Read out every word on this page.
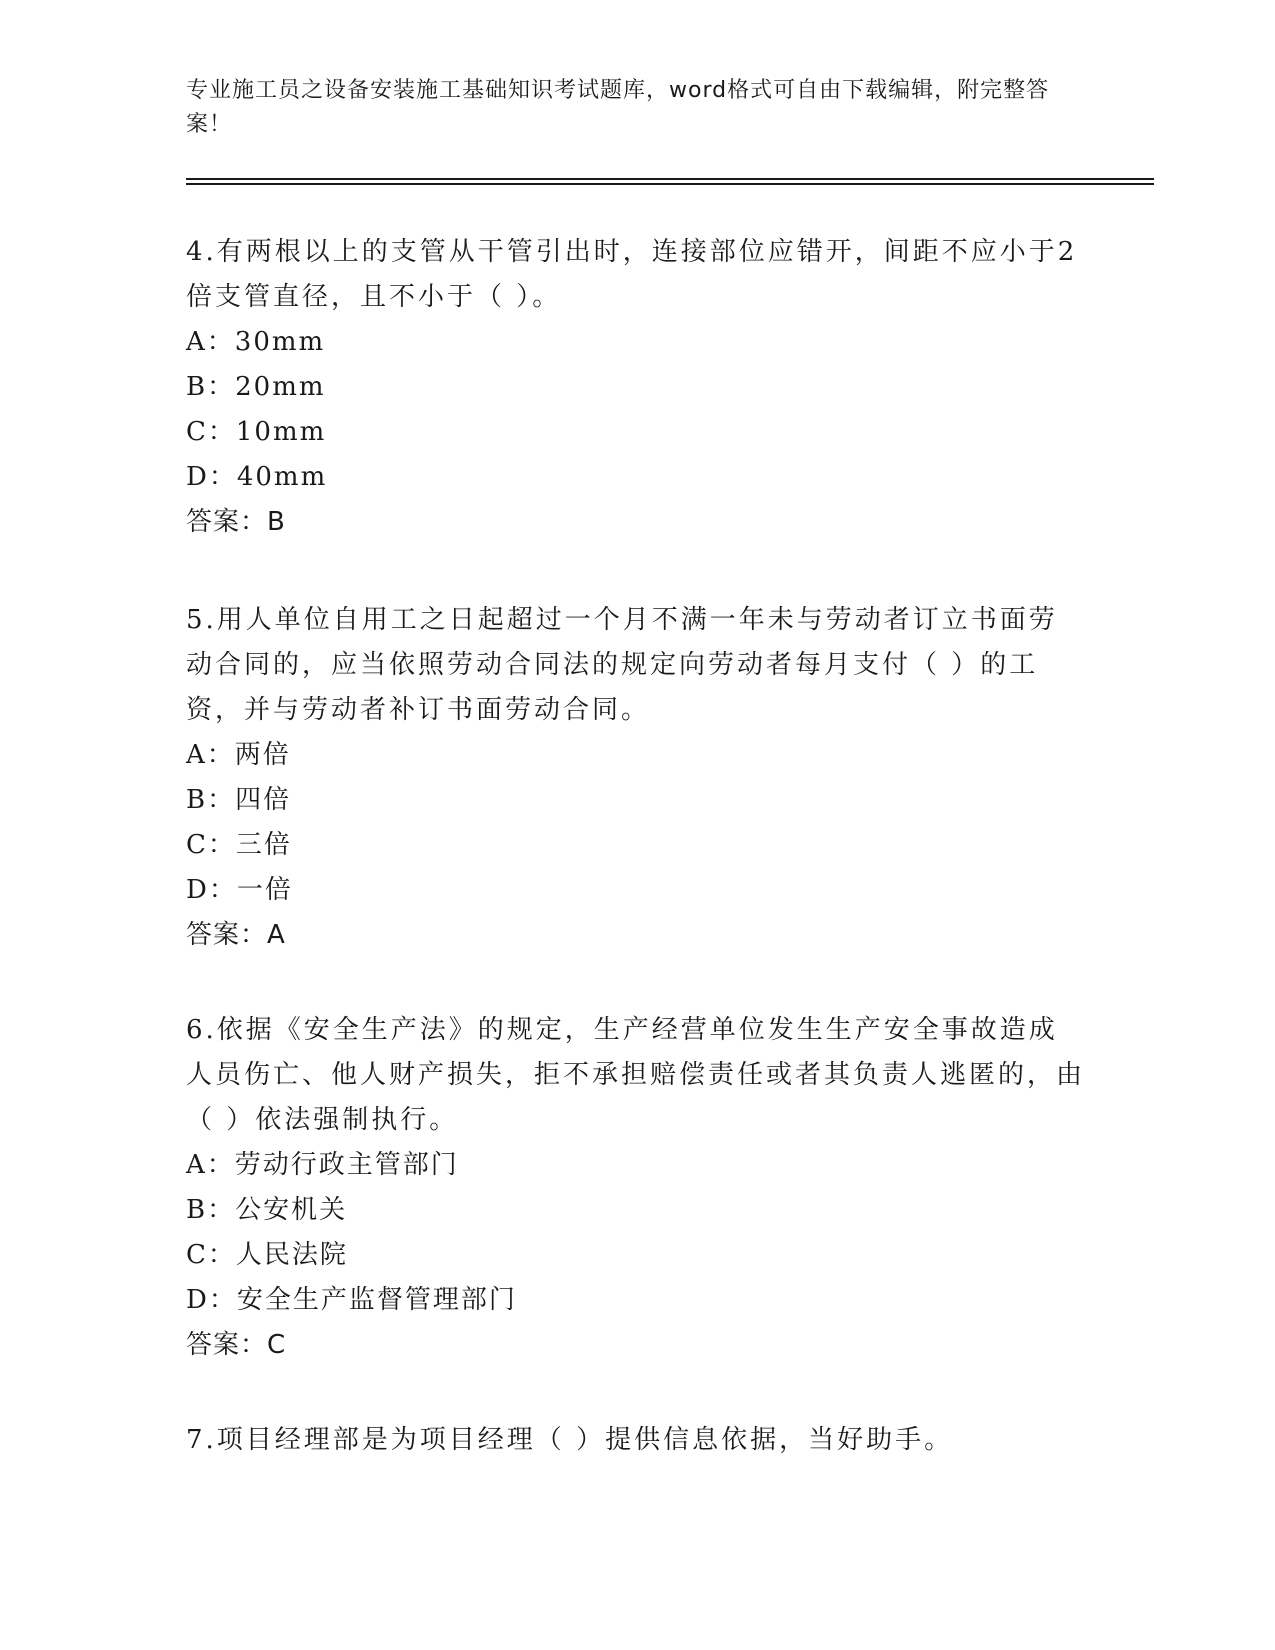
专业施工员之设备安装施工基础知识考试题库，word格式可自由下载编辑，附完整答案！

4.有两根以上的支管从干管引出时，连接部位应错开，间距不应小于2倍支管直径，且不小于（ ）。

A：30mm

B：20mm

C：10mm

D：40mm

答案：B

5.用人单位自用工之日起超过一个月不满一年未与劳动者订立书面劳动合同的，应当依照劳动合同法的规定向劳动者每月支付（ ）的工资，并与劳动者补订书面劳动合同。

A：两倍

B：四倍

C：三倍

D：一倍

答案：A

6.依据《安全生产法》的规定，生产经营单位发生生产安全事故造成人员伤亡、他人财产损失，拒不承担赔偿责任或者其负责人逃匿的，由（ ）依法强制执行。

A：劳动行政主管部门

B：公安机关

C：人民法院

D：安全生产监督管理部门

答案：C

7.项目经理部是为项目经理（ ）提供信息依据，当好助手。
